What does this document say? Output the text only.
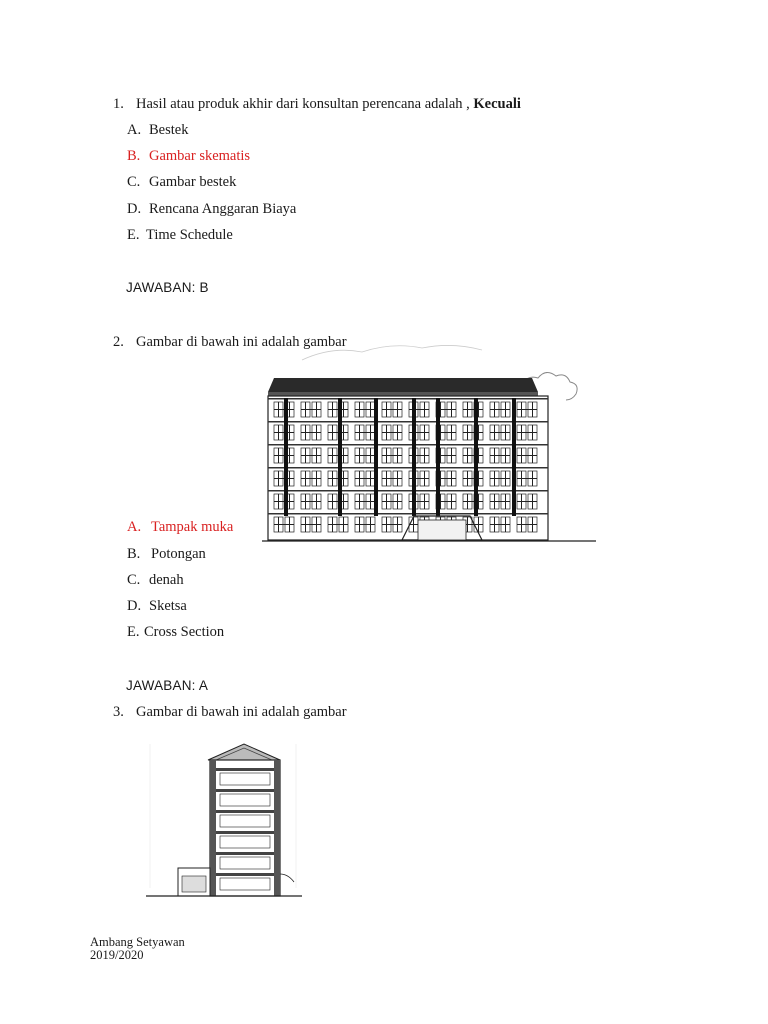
1. Hasil atau produk akhir dari konsultan perencana adalah , Kecuali
A. Bestek
B. Gambar skematis
C. Gambar bestek
D. Rencana Anggaran Biaya
E. Time Schedule
JAWABAN: B
2. Gambar di bawah ini adalah gambar
A. Tampak muka
B. Potongan
C. denah
D. Sketsa
E. Cross Section
JAWABAN: A
3. Gambar di bawah ini adalah gambar
Ambang Setyawan
2019/2020
